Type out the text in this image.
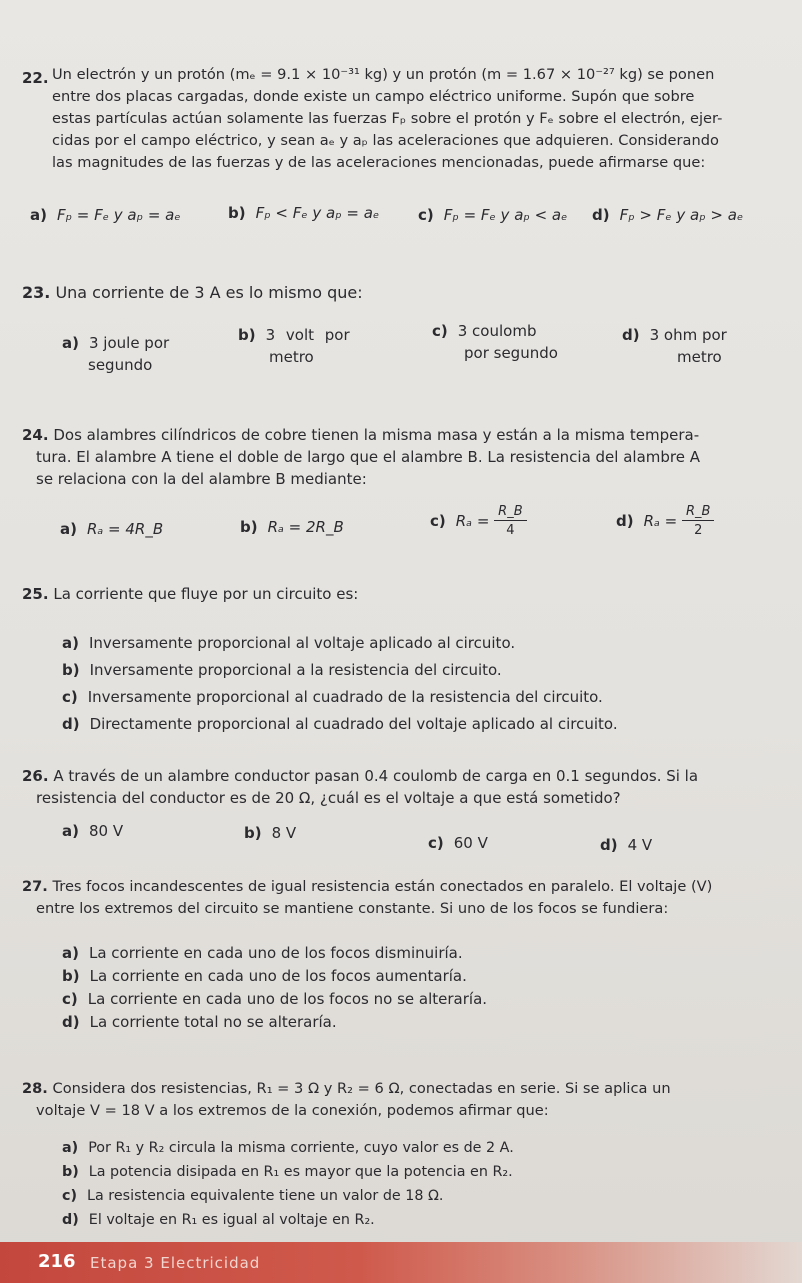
22. Un electrón y un protón (mₑ = 9.1 × 10⁻³¹ kg) y un protón (m = 1.67 × 10⁻²⁷ kg) se ponen
entre dos placas cargadas, donde existe un campo eléctrico uniforme. Supón que sobre
estas partículas actúan solamente las fuerzas Fₚ sobre el protón y Fₑ sobre el electrón, ejer-
cidas por el campo eléctrico, y sean aₑ y aₚ las aceleraciones que adquieren. Considerando
las magnitudes de las fuerzas y de las aceleraciones mencionadas, puede afirmarse que:
a) Fₚ = Fₑ y aₚ = aₑ	b) Fₚ < Fₑ y aₚ = aₑ	c) Fₚ = Fₑ y aₚ < aₑ d) Fₚ > Fₑ y aₚ > aₑ
23. Una corriente de 3 A es lo mismo que:
a) 3 joule por
segundo
b) 3 volt por
metro
c) 3 coulomb
por segundo
d) 3 ohm por
metro
24. Dos alambres cilíndricos de cobre tienen la misma masa y están a la misma tempera-
tura. El alambre A tiene el doble de largo que el alambre B. La resistencia del alambre A
se relaciona con la del alambre B mediante:
a) Rₐ = 4R_B	b) Rₐ = 2R_B	c) $R_a = \frac{R\_B}{4}$	d) $R_a = \frac{R\_B}{2}$
25. La corriente que fluye por un circuito es:
a) Inversamente proporcional al voltaje aplicado al circuito.
b) Inversamente proporcional a la resistencia del circuito.
c) Inversamente proporcional al cuadrado de la resistencia del circuito.
d) Directamente proporcional al cuadrado del voltaje aplicado al circuito.
26. A través de un alambre conductor pasan 0.4 coulomb de carga en 0.1 segundos. Si la
resistencia del conductor es de 20 Ω, ¿cuál es el voltaje a que está sometido?
a) 80 V	b) 8 V
c) 60 V	d) 4 V
27. Tres focos incandescentes de igual resistencia están conectados en paralelo. El voltaje (V)
entre los extremos del circuito se mantiene constante. Si uno de los focos se fundiera:
a) La corriente en cada uno de los focos disminuiría.
b) La corriente en cada uno de los focos aumentaría.
c) La corriente en cada uno de los focos no se alteraría.
d) La corriente total no se alteraría.
28. Considera dos resistencias, R₁ = 3 Ω y R₂ = 6 Ω, conectadas en serie. Si se aplica un
voltaje V = 18 V a los extremos de la conexión, podemos afirmar que:
a) Por R₁ y R₂ circula la misma corriente, cuyo valor es de 2 A.
b) La potencia disipada en R₁ es mayor que la potencia en R₂.
c) La resistencia equivalente tiene un valor de 18 Ω.
d) El voltaje en R₁ es igual al voltaje en R₂.
216 Etapa 3 Electricidad
